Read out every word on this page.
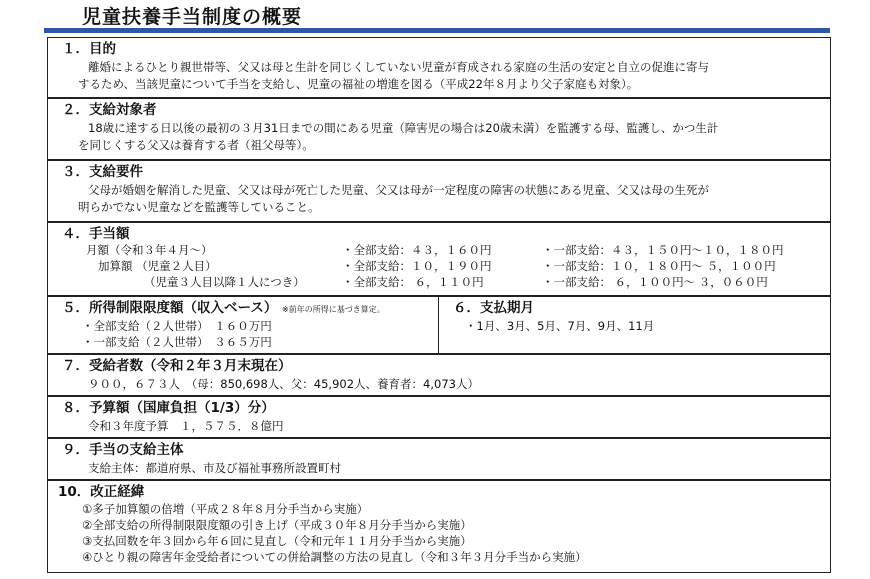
児童扶養手当制度の概要
１．目的
離婚によるひとり親世帯等、父又は母と生計を同じくしていない児童が育成される家庭の生活の安定と自立の促進に寄与
するため、当該児童について手当を支給し、児童の福祉の増進を図る（平成22年８月より父子家庭も対象）。
２．支給対象者
18歳に達する日以後の最初の３月31日までの間にある児童（障害児の場合は20歳未満）を監護する母、監護し、かつ生計
を同じくする父又は養育する者（祖父母等）。
３．支給要件
父母が婚姻を解消した児童、父又は母が死亡した児童、父又は母が一定程度の障害の状態にある児童、父又は母の生死が
明らかでない児童などを監護等していること。
４．手当額
月額（令和３年４月～）
加算額 （児童２人目）
（児童３人目以降１人につき）
・全部支給：４３，１６０円
・全部支給：１０，１９０円
・全部支給： ６，１１０円
・一部支給：４３，１５０円～１０，１８０円
・一部支給：１０，１８０円～ ５，１００円
・一部支給： ６，１００円～ ３，０６０円
５．所得制限限度額（収入ベース） ※前年の所得に基づき算定。
・全部支給（２人世帯）　１６０万円
・一部支給（２人世帯）　３６５万円
６．支払期月
・1月、3月、5月、7月、9月、11月
７．受給者数（令和２年３月末現在）
９００，６７３人　（母：850,698人、父：45,902人、養育者：4,073人）
８．予算額（国庫負担（1/3）分）
令和３年度予算　１，５７５．８億円
９．手当の支給主体
支給主体：都道府県、市及び福祉事務所設置町村
10．改正経緯
①多子加算額の倍増（平成２８年８月分手当から実施）
②全部支給の所得制限限度額の引き上げ（平成３０年８月分手当から実施）
③支払回数を年３回から年６回に見直し（令和元年１１月分手当から実施）
④ひとり親の障害年金受給者についての併給調整の方法の見直し（令和３年３月分手当から実施）
